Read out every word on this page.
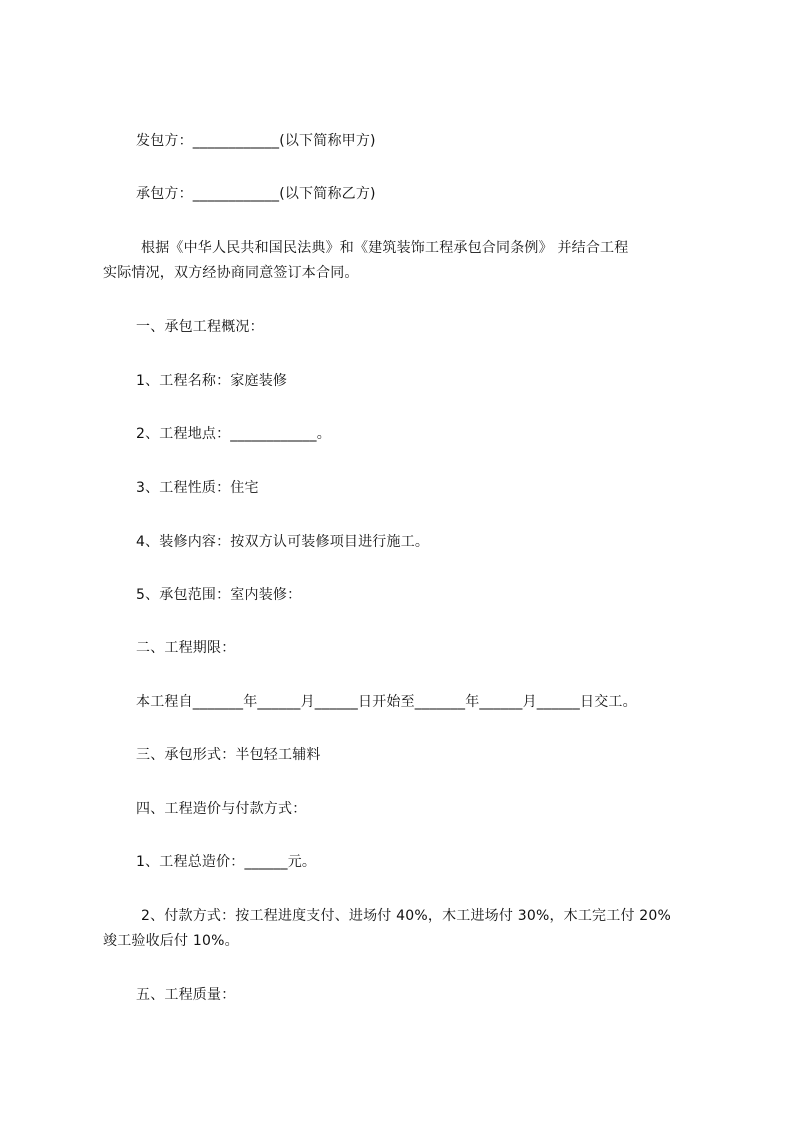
发包方：____________(以下简称甲方)
承包方：____________(以下简称乙方)
根据《中华人民共和国民法典》和《建筑装饰工程承包合同条例》 并结合工程
实际情况，双方经协商同意签订本合同。
一、承包工程概况：
1、工程名称：家庭装修
2、工程地点：____________。
3、工程性质：住宅
4、装修内容：按双方认可装修项目进行施工。
5、承包范围：室内装修：
二、工程期限：
本工程自_______年______月______日开始至_______年______月______日交工。
三、承包形式：半包轻工辅料
四、工程造价与付款方式：
1、工程总造价：______元。
2、付款方式：按工程进度支付、进场付 40%，木工进场付 30%，木工完工付 20%
竣工验收后付 10%。
五、工程质量：
